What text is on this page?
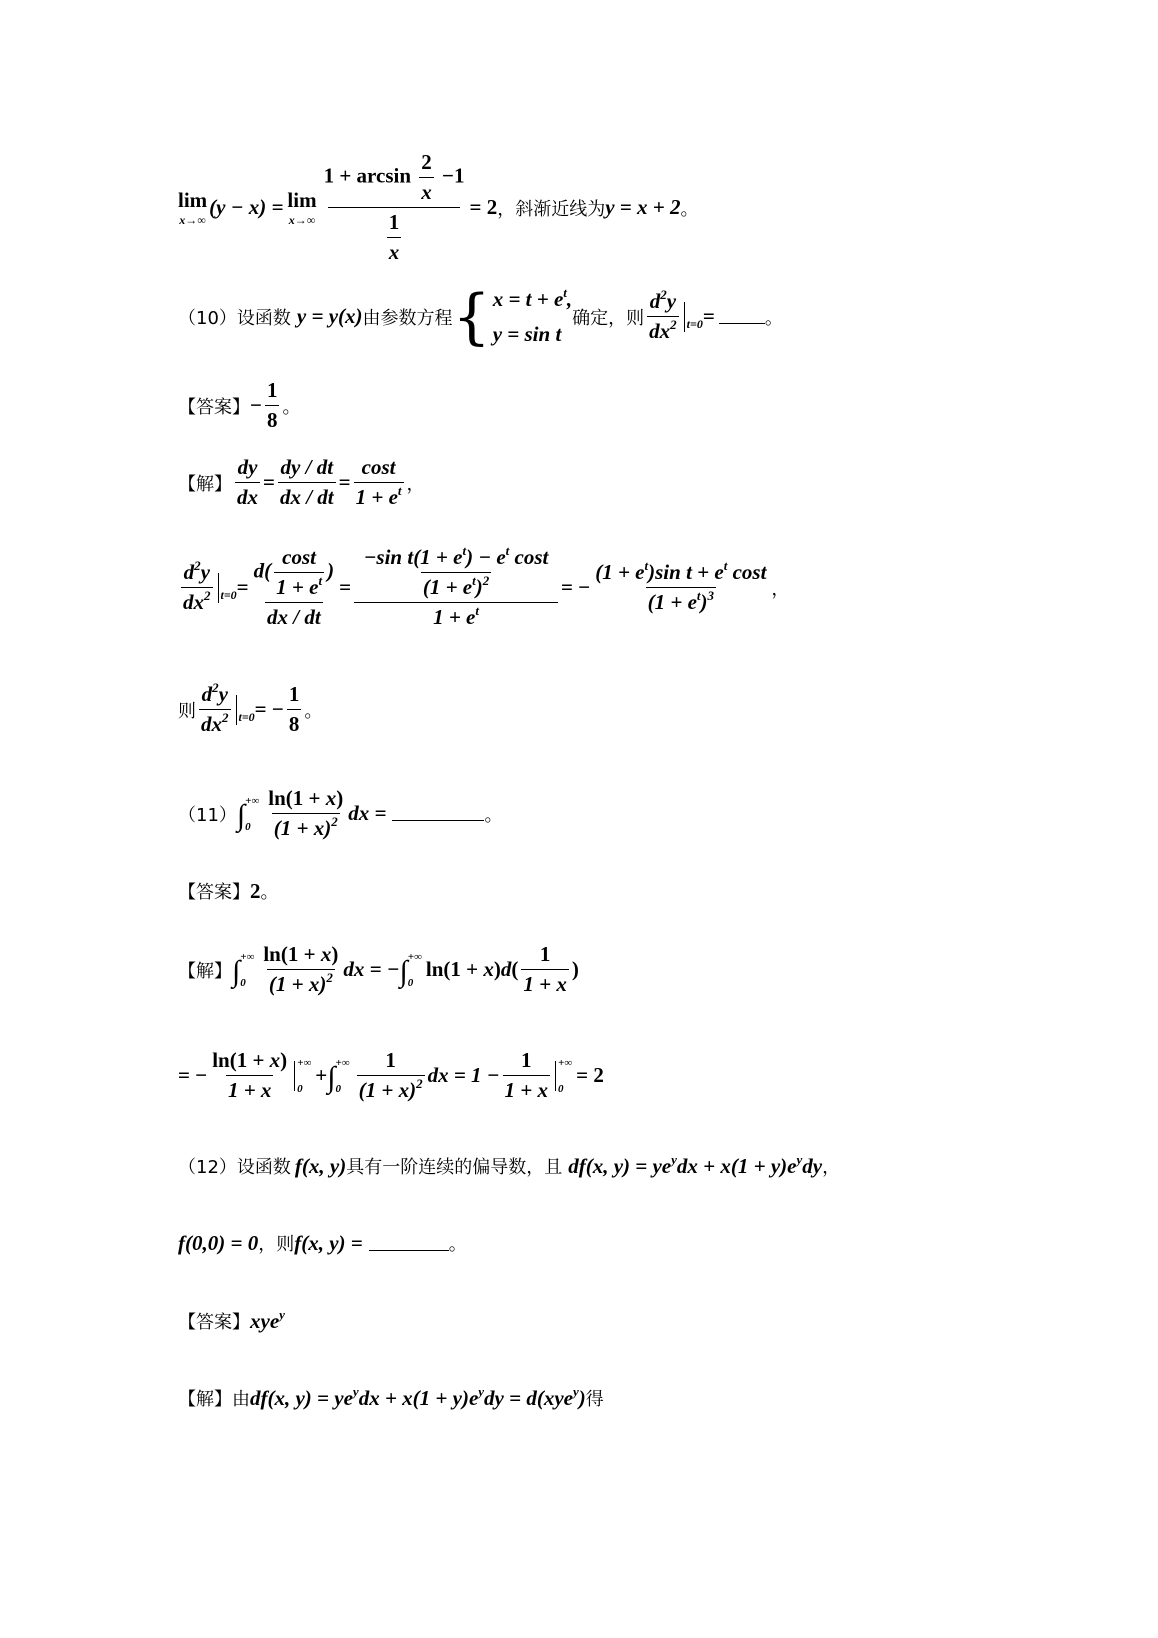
lim
x→∞
(y − x) = lim
$x\to\infty \frac{1 + \arcsin \frac{2}{x} -1}{\frac{1}{x}} = 2$ ，斜渐近线为 y = x + 2 。
（10）设函数 y = y(x) 由参数方程 { $x = t + e^t$,
y = sin t
确定，则 $\frac{d^2y}{dx^2} t=0$ =	。
【答案】 − $\frac{1}{8}$ 。
【解】 $\frac{dy}{dx} = \frac{dy / dt}{dx / dt} = \frac{\cos t}{1 + e^t}$ ，
$\frac{d^2y}{dx^2} t=0 = \frac{d( \frac{\cos t}{1 + e^t} )}{dx / dt} = \frac{\frac{-\sin t(1 + e^t) - e^t \cos t}{(1 + e^t)^2}}{1 + e^t}$ = − $\frac{(1 + e^t)\sin t + e^t \cos t}{(1 + e^t)^3}$ ，
则 $\frac{d^2y}{dx^2} t=0$ = − $\frac{1}{8}$ 。
（11） ∫ +∞
$0 \frac{\ln(1 + x)}{(1 + x)^2}$ dx =	。
【答案】 2 。
【解】 ∫ +∞
$0 \frac{\ln(1 + x)}{(1 + x)^2}$ dx = − ∫ +∞
0
$\ln(1 + x)d( \frac{1}{1 + x}$ )
= − $\frac{\ln(1 + x)}{1 + x}$ +∞
0
+ ∫ +∞
$0 \frac{1}{(1 + x)^2}$ dx = $1 - \frac{1}{1 + x}$ +∞
0
= 2
（12）设函数 f(x, y) 具有一阶连续的偏导数，且 df(x, $y) = ye^ydx + x(1 + y)e^ydy$ ，
f(0,0) = 0 ，则 f(x, y) =	。
【答案】 xye$^y$
【解】由 df(x, $y) = ye^ydx + x(1 + y)e^ydy = d(xye^y)$ 得
